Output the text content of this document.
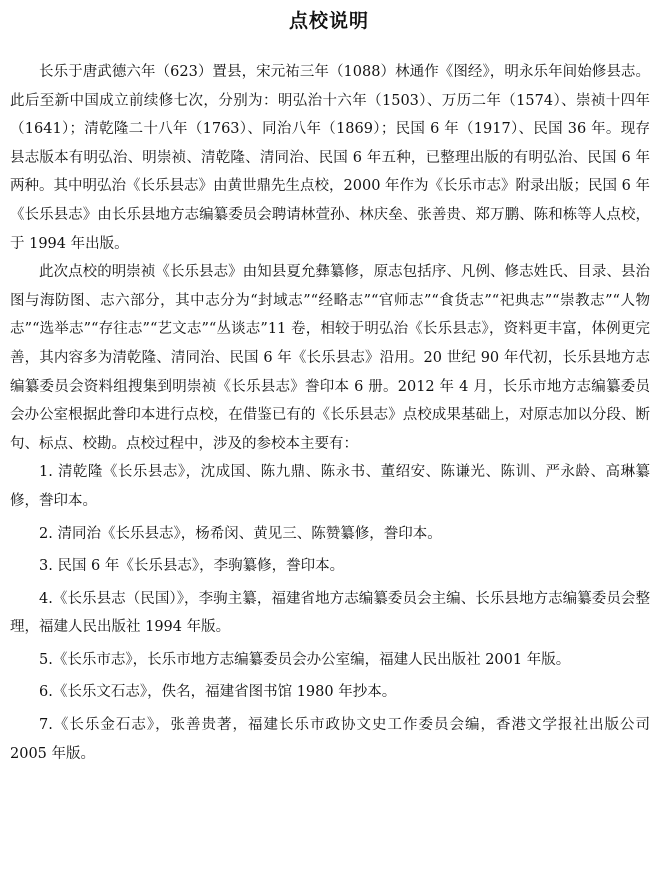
点校说明

长乐于唐武德六年（623）置县，宋元祐三年（1088）林通作《图经》，明永乐年间始修县志。此后至新中国成立前续修七次，分别为：明弘治十六年（1503）、万历二年（1574）、崇祯十四年（1641）；清乾隆二十八年（1763）、同治八年（1869）；民国 6 年（1917）、民国 36 年。现存县志版本有明弘治、明崇祯、清乾隆、清同治、民国 6 年五种，已整理出版的有明弘治、民国 6 年两种。其中明弘治《长乐县志》由黄世鼎先生点校，2000 年作为《长乐市志》附录出版；民国 6 年《长乐县志》由长乐县地方志编纂委员会聘请林萱孙、林庆垒、张善贵、郑万鹏、陈和栋等人点校，于 1994 年出版。

此次点校的明崇祯《长乐县志》由知县夏允彝纂修，原志包括序、凡例、修志姓氏、目录、县治图与海防图、志六部分，其中志分为“封域志”“经略志”“官师志”“食货志”“祀典志”“崇教志”“人物志”“选举志”“存往志”“艺文志”“丛谈志”11 卷，相较于明弘治《长乐县志》，资料更丰富，体例更完善，其内容多为清乾隆、清同治、民国 6 年《长乐县志》沿用。20 世纪 90 年代初，长乐县地方志编纂委员会资料组搜集到明崇祯《长乐县志》誊印本 6 册。2012 年 4 月，长乐市地方志编纂委员会办公室根据此誊印本进行点校，在借鉴已有的《长乐县志》点校成果基础上，对原志加以分段、断句、标点、校勘。点校过程中，涉及的参校本主要有：

1. 清乾隆《长乐县志》，沈成国、陈九鼎、陈永书、董绍安、陈谦光、陈训、严永龄、高琳纂修，誊印本。

2. 清同治《长乐县志》，杨希闵、黄见三、陈赞纂修，誊印本。

3. 民国 6 年《长乐县志》，李驹纂修，誊印本。

4.《长乐县志（民国）》，李驹主纂，福建省地方志编纂委员会主编、长乐县地方志编纂委员会整理，福建人民出版社 1994 年版。

5.《长乐市志》，长乐市地方志编纂委员会办公室编，福建人民出版社 2001 年版。

6.《长乐文石志》，佚名，福建省图书馆 1980 年抄本。

7.《长乐金石志》，张善贵著，福建长乐市政协文史工作委员会编，香港文学报社出版公司 2005 年版。
